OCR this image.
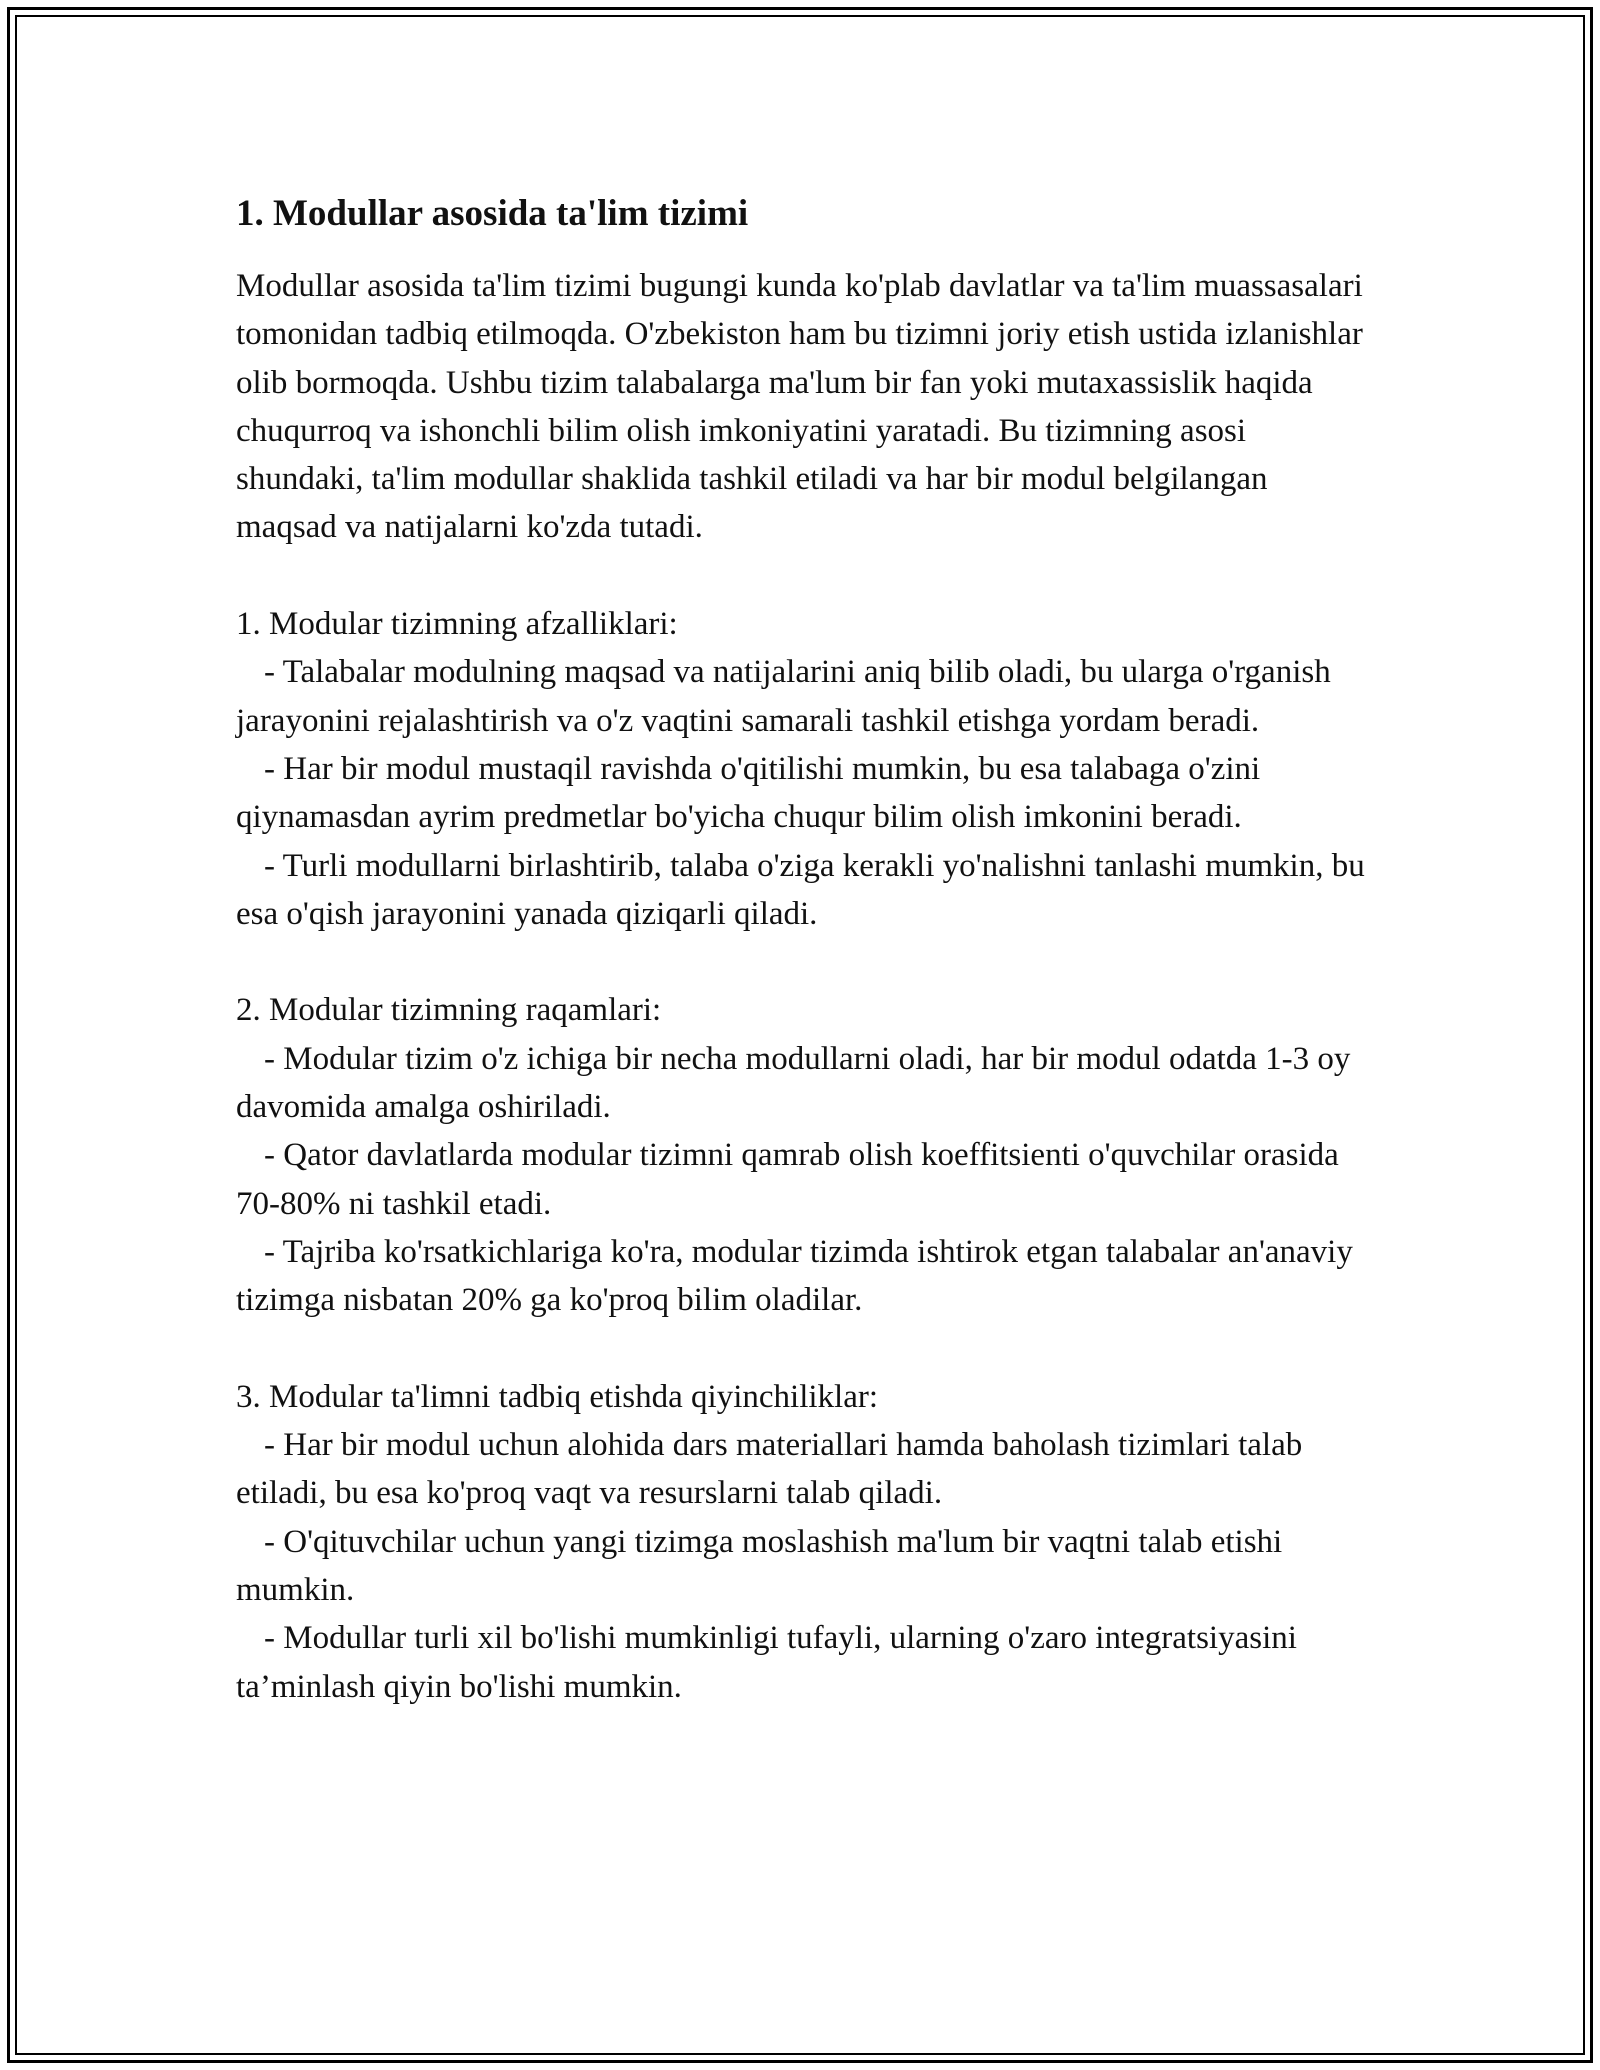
1. Modullar asosida ta'lim tizimi

Modullar asosida ta'lim tizimi bugungi kunda ko'plab davlatlar va ta'lim muassasalari tomonidan tadbiq etilmoqda. O'zbekiston ham bu tizimni joriy etish ustida izlanishlar olib bormoqda. Ushbu tizim talabalarga ma'lum bir fan yoki mutaxassislik haqida chuqurroq va ishonchli bilim olish imkoniyatini yaratadi. Bu tizimning asosi shundaki, ta'lim modullar shaklida tashkil etiladi va har bir modul belgilangan maqsad va natijalarni ko'zda tutadi.

1. Modular tizimning afzalliklari:

- Talabalar modulning maqsad va natijalarini aniq bilib oladi, bu ularga o'rganish jarayonini rejalashtirish va o'z vaqtini samarali tashkil etishga yordam beradi.

- Har bir modul mustaqil ravishda o'qitilishi mumkin, bu esa talabaga o'zini qiynamasdan ayrim predmetlar bo'yicha chuqur bilim olish imkonini beradi.

- Turli modullarni birlashtirib, talaba o'ziga kerakli yo'nalishni tanlashi mumkin, bu esa o'qish jarayonini yanada qiziqarli qiladi.

2. Modular tizimning raqamlari:

- Modular tizim o'z ichiga bir necha modullarni oladi, har bir modul odatda 1-3 oy davomida amalga oshiriladi.

- Qator davlatlarda modular tizimni qamrab olish koeffitsienti o'quvchilar orasida 70-80% ni tashkil etadi.

- Tajriba ko'rsatkichlariga ko'ra, modular tizimda ishtirok etgan talabalar an'anaviy tizimga nisbatan 20% ga ko'proq bilim oladilar.

3. Modular ta'limni tadbiq etishda qiyinchiliklar:

- Har bir modul uchun alohida dars materiallari hamda baholash tizimlari talab etiladi, bu esa ko'proq vaqt va resurslarni talab qiladi.

- O'qituvchilar uchun yangi tizimga moslashish ma'lum bir vaqtni talab etishi mumkin.

- Modullar turli xil bo'lishi mumkinligi tufayli, ularning o'zaro integratsiyasini ta’minlash qiyin bo'lishi mumkin.
